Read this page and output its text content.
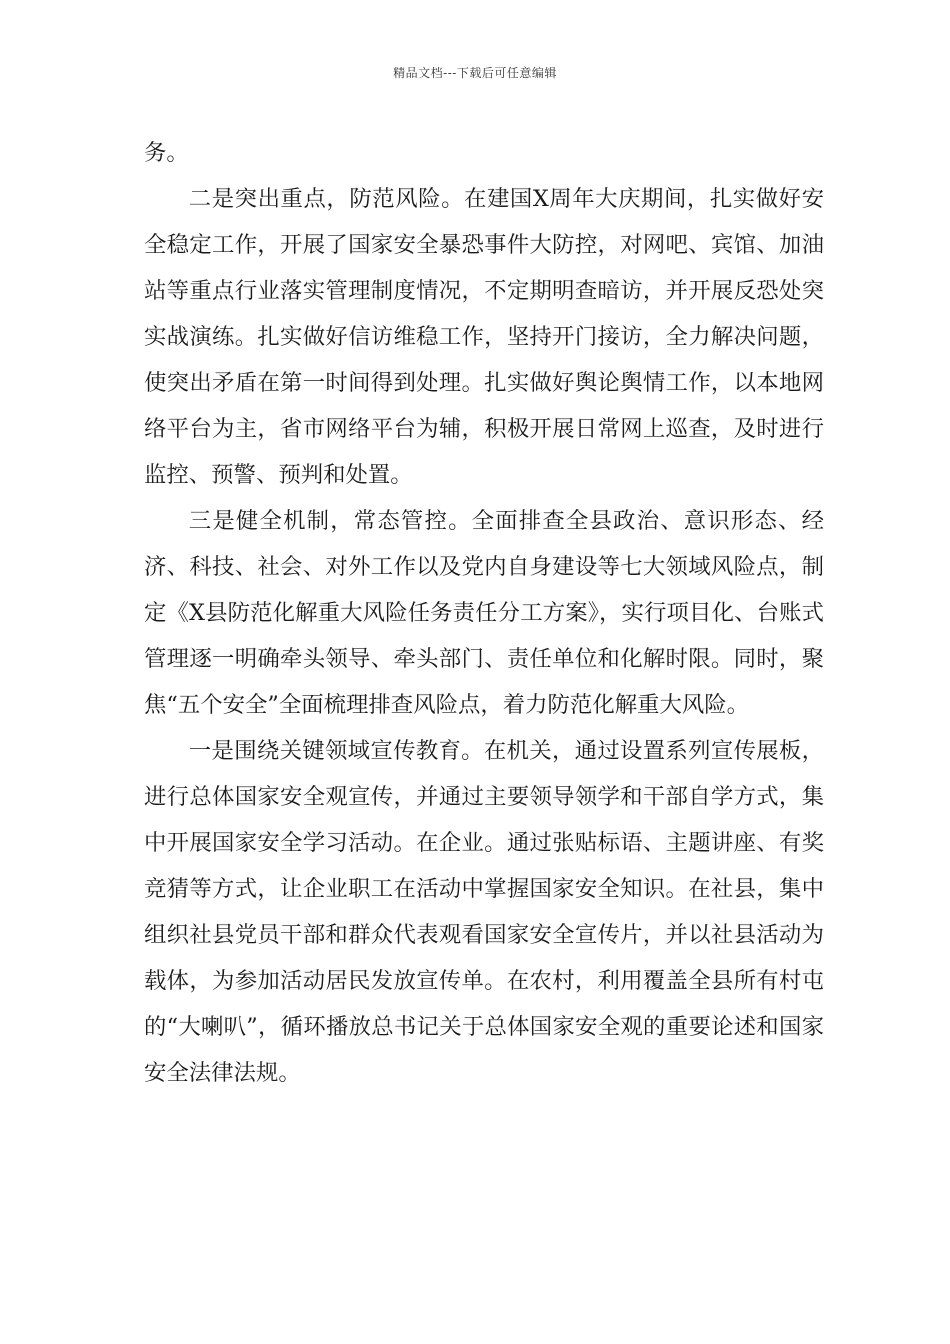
精品文档---下载后可任意编辑

务。

二是突出重点，防范风险。在建国X周年大庆期间，扎实做好安全稳定工作，开展了国家安全暴恐事件大防控，对网吧、宾馆、加油站等重点行业落实管理制度情况，不定期明查暗访，并开展反恐处突实战演练。扎实做好信访维稳工作，坚持开门接访，全力解决问题，使突出矛盾在第一时间得到处理。扎实做好舆论舆情工作，以本地网络平台为主，省市网络平台为辅，积极开展日常网上巡查，及时进行监控、预警、预判和处置。

三是健全机制，常态管控。全面排查全县政治、意识形态、经济、科技、社会、对外工作以及党内自身建设等七大领域风险点，制定《X县防范化解重大风险任务责任分工方案》，实行项目化、台账式管理逐一明确牵头领导、牵头部门、责任单位和化解时限。同时，聚焦“五个安全”全面梳理排查风险点，着力防范化解重大风险。

一是围绕关键领域宣传教育。在机关，通过设置系列宣传展板，进行总体国家安全观宣传，并通过主要领导领学和干部自学方式，集中开展国家安全学习活动。在企业。通过张贴标语、主题讲座、有奖竞猜等方式，让企业职工在活动中掌握国家安全知识。在社县，集中组织社县党员干部和群众代表观看国家安全宣传片，并以社县活动为载体，为参加活动居民发放宣传单。在农村，利用覆盖全县所有村屯的“大喇叭”，循环播放总书记关于总体国家安全观的重要论述和国家安全法律法规。
